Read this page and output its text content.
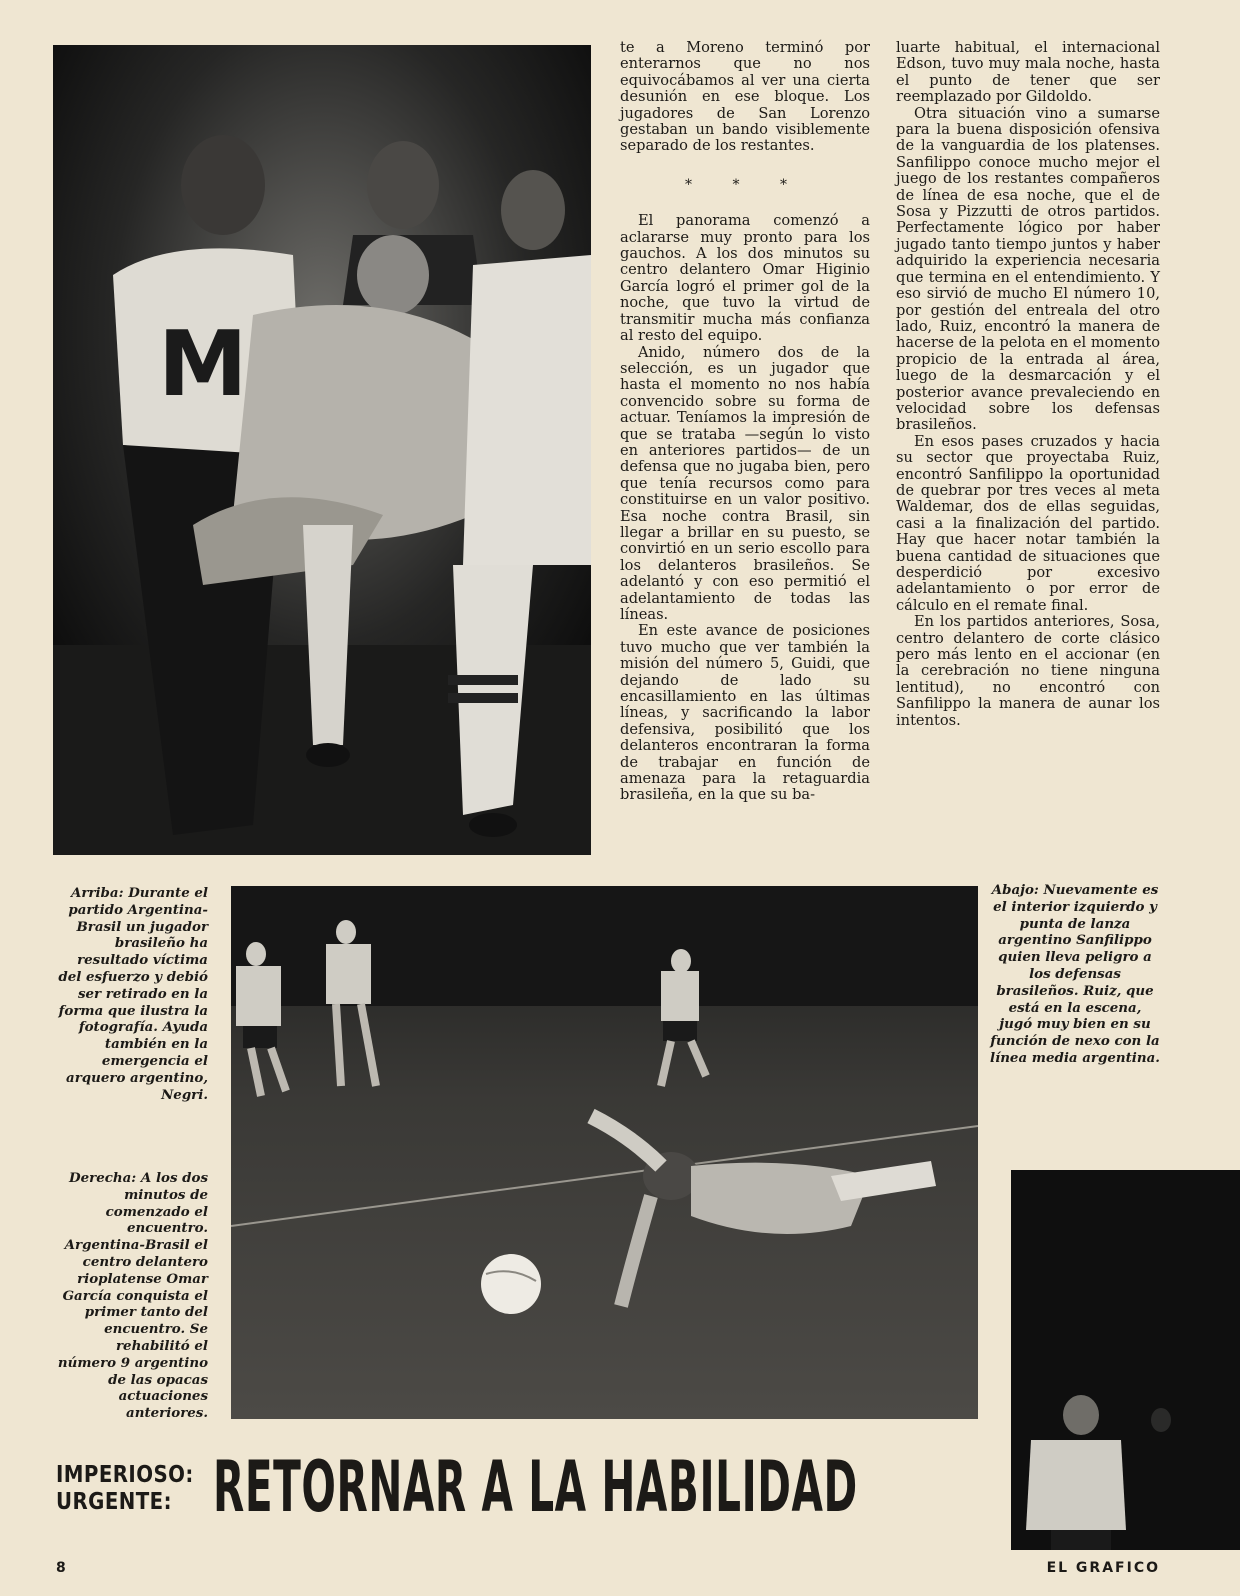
M

te a Moreno terminó por enterarnos que no nos equivocábamos al ver una cierta desunión en ese bloque. Los jugadores de San Lorenzo gestaban un bando visiblemente separado de los restantes.

* * *

El panorama comenzó a aclararse muy pronto para los gauchos. A los dos minutos su centro delantero Omar Higinio García logró el primer gol de la noche, que tuvo la virtud de transmitir mucha más confianza al resto del equipo.

Anido, número dos de la selección, es un jugador que hasta el momento no nos había convencido sobre su forma de actuar. Teníamos la impresión de que se trataba —según lo visto en anteriores partidos— de un defensa que no jugaba bien, pero que tenía recursos como para constituirse en un valor positivo. Esa noche contra Brasil, sin llegar a brillar en su puesto, se convirtió en un serio escollo para los delanteros brasileños. Se adelantó y con eso permitió el adelantamiento de todas las líneas.

En este avance de posiciones tuvo mucho que ver también la misión del número 5, Guidi, que dejando de lado su encasillamiento en las últimas líneas, y sacrificando la labor defensiva, posibilitó que los delanteros encontraran la forma de trabajar en función de amenaza para la retaguardia brasileña, en la que su ba-

luarte habitual, el internacional Edson, tuvo muy mala noche, hasta el punto de tener que ser reemplazado por Gildoldo.

Otra situación vino a sumarse para la buena disposición ofensiva de la vanguardia de los platenses. Sanfilippo conoce mucho mejor el juego de los restantes compañeros de línea de esa noche, que el de Sosa y Pizzutti de otros partidos. Perfectamente lógico por haber jugado tanto tiempo juntos y haber adquirido la experiencia necesaria que termina en el entendimiento. Y eso sirvió de mucho El número 10, por gestión del entreala del otro lado, Ruiz, encontró la manera de hacerse de la pelota en el momento propicio de la entrada al área, luego de la desmarcación y el posterior avance prevaleciendo en velocidad sobre los defensas brasileños.

En esos pases cruzados y hacia su sector que proyectaba Ruiz, encontró Sanfilippo la oportunidad de quebrar por tres veces al meta Waldemar, dos de ellas seguidas, casi a la finalización del partido. Hay que hacer notar también la buena cantidad de situaciones que desperdició por excesivo adelantamiento o por error de cálculo en el remate final.

En los partidos anteriores, Sosa, centro delantero de corte clásico pero más lento en el accionar (en la cerebración no tiene ninguna lentitud), no encontró con Sanfilippo la manera de aunar los intentos.

Arriba: Durante el partido Argentina-Brasil un jugador brasileño ha resultado víctima del esfuerzo y debió ser retirado en la forma que ilustra la fotografía. Ayuda también en la emergencia el arquero argentino, Negri.

Derecha: A los dos minutos de comenzado el encuentro. Argentina-Brasil el centro delantero rioplatense Omar García conquista el primer tanto del encuentro. Se rehabilitó el número 9 argentino de las opacas actuaciones anteriores.

Abajo: Nuevamente es el interior izquierdo y punta de lanza argentino Sanfilippo quien lleva peligro a los defensas brasileños. Ruiz, que está en la escena, jugó muy bien en su función de nexo con la línea media argentina.

IMPERIOSO:
URGENTE: RETORNAR A LA HABILIDAD
8	EL GRAFICO
